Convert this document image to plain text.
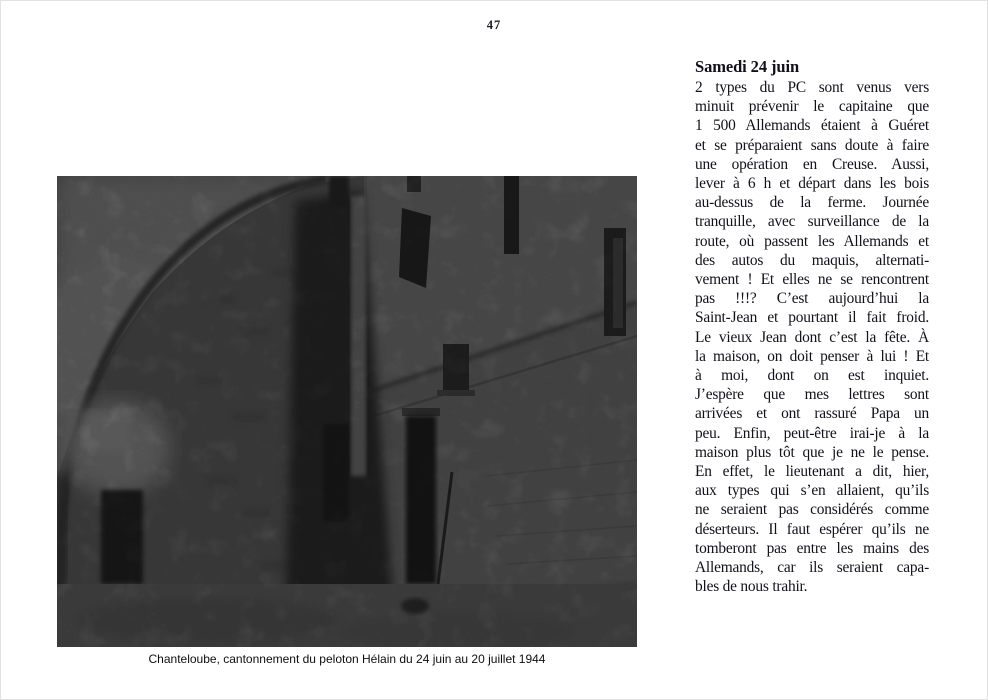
47
Chanteloube, cantonnement du peloton Hélain du 24 juin au 20 juillet 1944
Samedi 24 juin
2 types du PC sont venus vers
minuit prévenir le capitaine que
1 500 Allemands étaient à Guéret
et se préparaient sans doute à faire
une opération en Creuse. Aussi,
lever à 6 h et départ dans les bois
au-dessus de la ferme. Journée
tranquille, avec surveillance de la
route, où passent les Allemands et
des autos du maquis, alternati-
vement ! Et elles ne se rencontrent
pas !!!? C’est aujourd’hui la
Saint-Jean et pourtant il fait froid.
Le vieux Jean dont c’est la fête. À
la maison, on doit penser à lui ! Et
à moi, dont on est inquiet.
J’espère que mes lettres sont
arrivées et ont rassuré Papa un
peu. Enfin, peut-être irai-je à la
maison plus tôt que je ne le pense.
En effet, le lieutenant a dit, hier,
aux types qui s’en allaient, qu’ils
ne seraient pas considérés comme
déserteurs. Il faut espérer qu’ils ne
tomberont pas entre les mains des
Allemands, car ils seraient capa-
bles de nous trahir.
